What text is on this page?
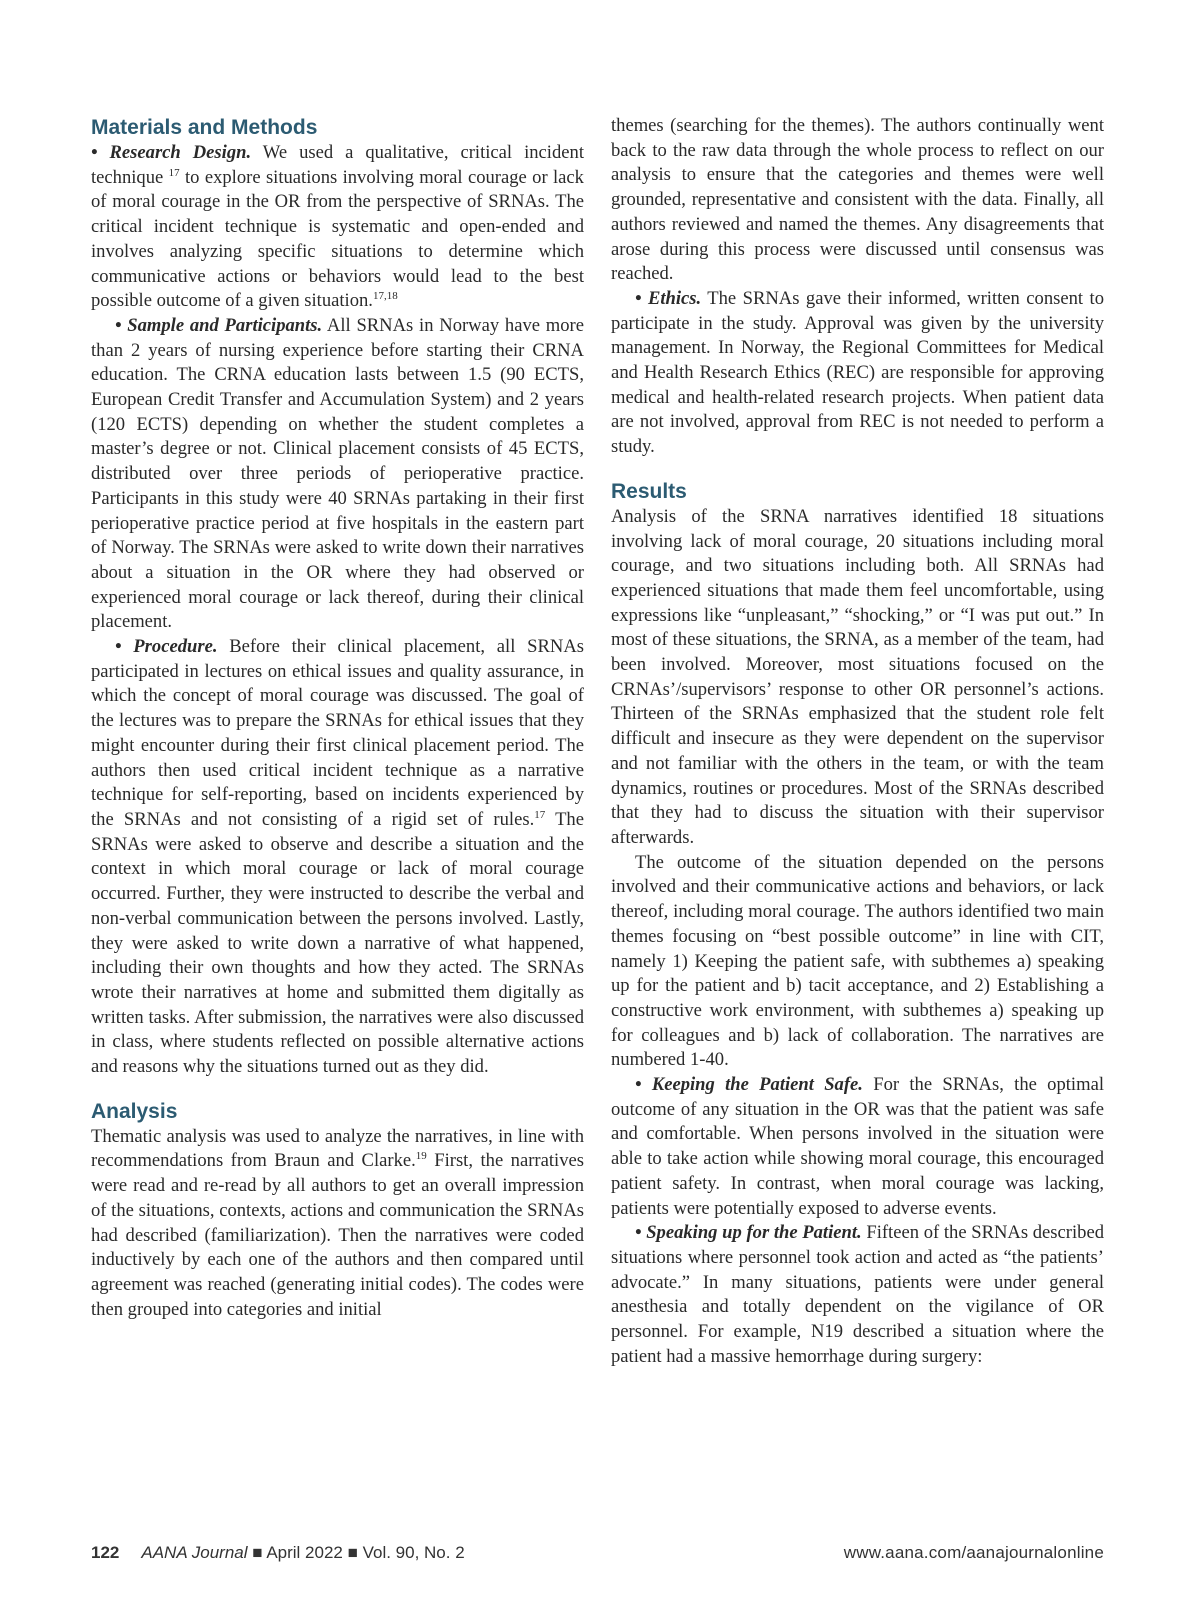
Materials and Methods

• Research Design. We used a qualitative, critical incident technique $^{17}$ to explore situations involving moral courage or lack of moral courage in the OR from the perspective of SRNAs. The critical incident technique is systematic and open-ended and involves analyzing specific situations to determine which communicative actions or behaviors would lead to the best possible outcome of a given situation.$^{17,18}$

• Sample and Participants. All SRNAs in Norway have more than 2 years of nursing experience before starting their CRNA education. The CRNA education lasts between 1.5 (90 ECTS, European Credit Transfer and Accumulation System) and 2 years (120 ECTS) depending on whether the student completes a master’s degree or not. Clinical placement consists of 45 ECTS, distributed over three periods of perioperative practice. Participants in this study were 40 SRNAs partaking in their first perioperative practice period at five hospitals in the eastern part of Norway. The SRNAs were asked to write down their narratives about a situation in the OR where they had observed or experienced moral courage or lack thereof, during their clinical placement.

• Procedure. Before their clinical placement, all SRNAs participated in lectures on ethical issues and quality assurance, in which the concept of moral courage was discussed. The goal of the lectures was to prepare the SRNAs for ethical issues that they might encounter during their first clinical placement period. The authors then used critical incident technique as a narrative technique for self-reporting, based on incidents experienced by the SRNAs and not consisting of a rigid set of rules.$^{17}$ The SRNAs were asked to observe and describe a situation and the context in which moral courage or lack of moral courage occurred. Further, they were instructed to describe the verbal and non-verbal communication between the persons involved. Lastly, they were asked to write down a narrative of what happened, including their own thoughts and how they acted. The SRNAs wrote their narratives at home and submitted them digitally as written tasks. After submission, the narratives were also discussed in class, where students reflected on possible alternative actions and reasons why the situations turned out as they did.

Analysis

Thematic analysis was used to analyze the narratives, in line with recommendations from Braun and Clarke.$^{19}$ First, the narratives were read and re-read by all authors to get an overall impression of the situations, contexts, actions and communication the SRNAs had described (familiarization). Then the narratives were coded inductively by each one of the authors and then compared until agreement was reached (generating initial codes). The codes were then grouped into categories and initial

themes (searching for the themes). The authors continually went back to the raw data through the whole process to reflect on our analysis to ensure that the categories and themes were well grounded, representative and consistent with the data. Finally, all authors reviewed and named the themes. Any disagreements that arose during this process were discussed until consensus was reached.

• Ethics. The SRNAs gave their informed, written consent to participate in the study. Approval was given by the university management. In Norway, the Regional Committees for Medical and Health Research Ethics (REC) are responsible for approving medical and health-related research projects. When patient data are not involved, approval from REC is not needed to perform a study.

Results

Analysis of the SRNA narratives identified 18 situations involving lack of moral courage, 20 situations including moral courage, and two situations including both. All SRNAs had experienced situations that made them feel uncomfortable, using expressions like “unpleasant,” “shocking,” or “I was put out.” In most of these situations, the SRNA, as a member of the team, had been involved. Moreover, most situations focused on the CRNAs’/supervisors’ response to other OR personnel’s actions. Thirteen of the SRNAs emphasized that the student role felt difficult and insecure as they were dependent on the supervisor and not familiar with the others in the team, or with the team dynamics, routines or procedures. Most of the SRNAs described that they had to discuss the situation with their supervisor afterwards.

The outcome of the situation depended on the persons involved and their communicative actions and behaviors, or lack thereof, including moral courage. The authors identified two main themes focusing on “best possible outcome” in line with CIT, namely 1) Keeping the patient safe, with subthemes a) speaking up for the patient and b) tacit acceptance, and 2) Establishing a constructive work environment, with subthemes a) speaking up for colleagues and b) lack of collaboration. The narratives are numbered 1-40.

• Keeping the Patient Safe. For the SRNAs, the optimal outcome of any situation in the OR was that the patient was safe and comfortable. When persons involved in the situation were able to take action while showing moral courage, this encouraged patient safety. In contrast, when moral courage was lacking, patients were potentially exposed to adverse events.

• Speaking up for the Patient. Fifteen of the SRNAs described situations where personnel took action and acted as “the patients’ advocate.” In many situations, patients were under general anesthesia and totally dependent on the vigilance of OR personnel. For example, N19 described a situation where the patient had a massive hemorrhage during surgery:

122 AANA Journal ■ April 2022 ■ Vol. 90, No. 2	www.aana.com/aanajournalonline
